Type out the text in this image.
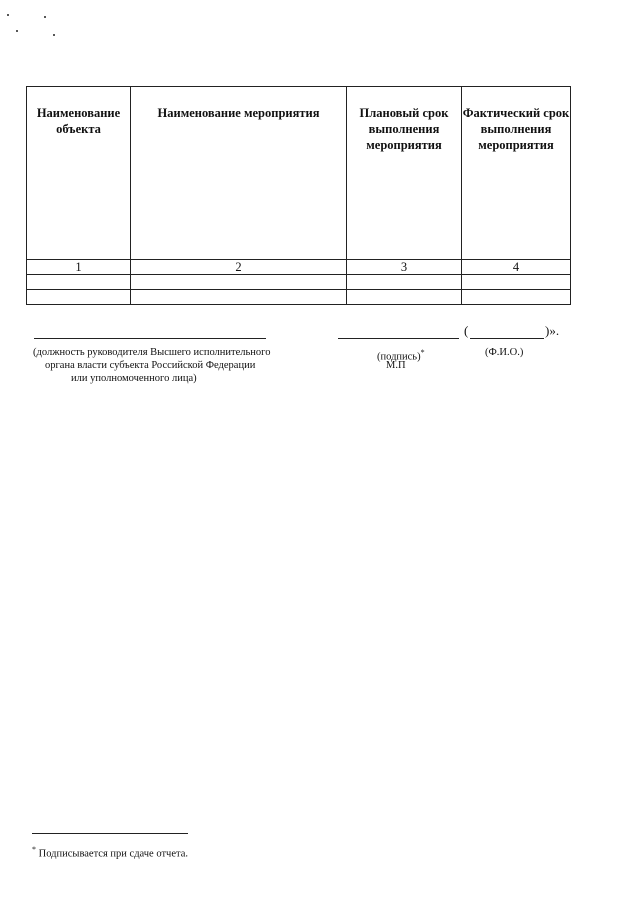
Наименование объекта	Наименование мероприятия	Плановый срок выполнения мероприятия	Фактический срок выполнения мероприятия
1	2	3	4

(должность руководителя Высшего исполнительного
органа власти субъекта Российской Федерации
или уполномоченного лица)
(	)».
(подпись)*	(Ф.И.О.)
М.П
* Подписывается при сдаче отчета.
